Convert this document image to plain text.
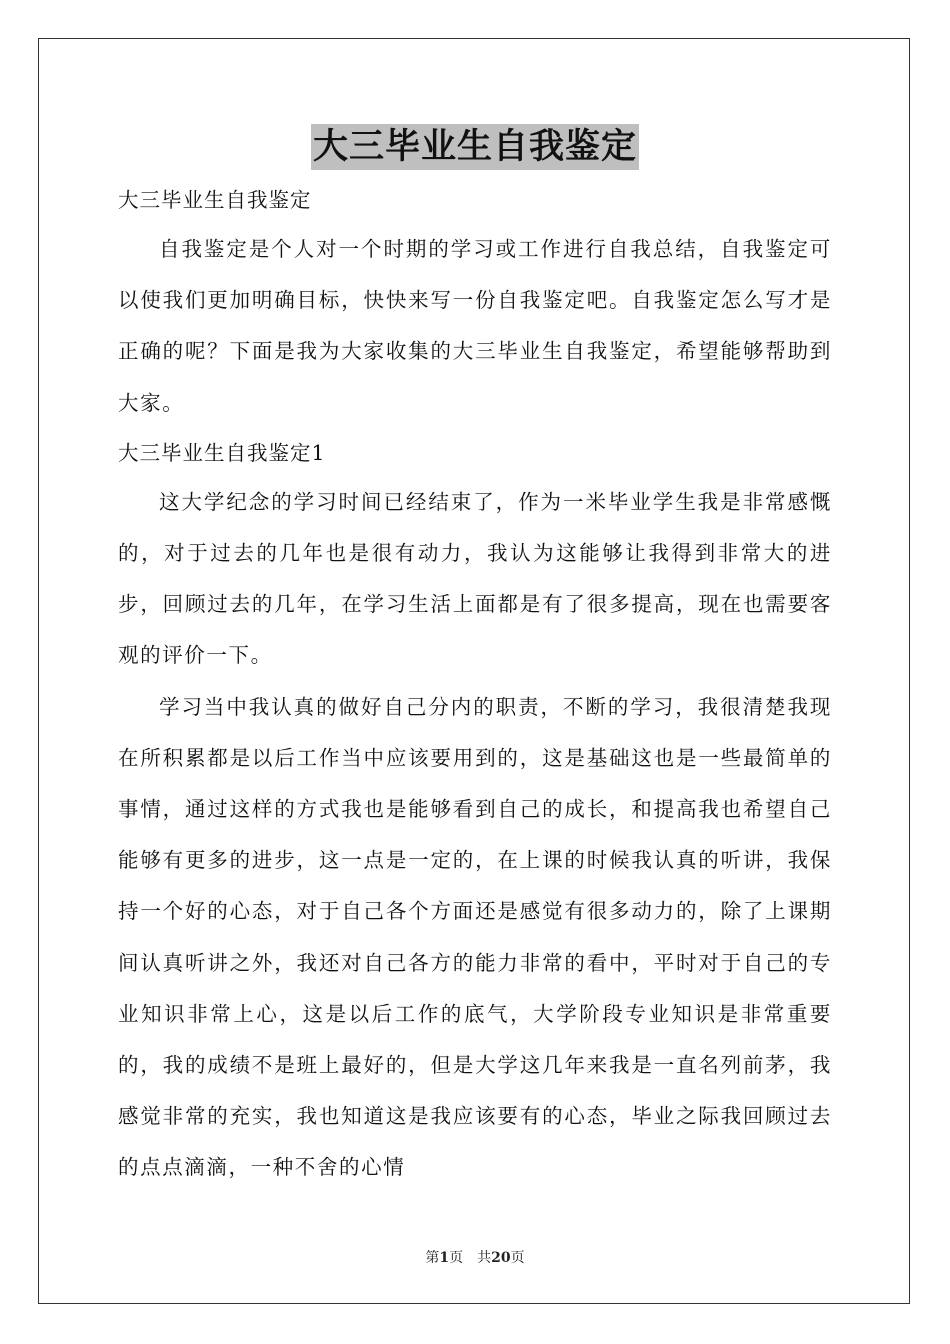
大三毕业生自我鉴定

大三毕业生自我鉴定

自我鉴定是个人对一个时期的学习或工作进行自我总结，自我鉴定可以使我们更加明确目标，快快来写一份自我鉴定吧。自我鉴定怎么写才是正确的呢？下面是我为大家收集的大三毕业生自我鉴定，希望能够帮助到大家。

大三毕业生自我鉴定1

这大学纪念的学习时间已经结束了，作为一米毕业学生我是非常感慨的，对于过去的几年也是很有动力，我认为这能够让我得到非常大的进步，回顾过去的几年，在学习生活上面都是有了很多提高，现在也需要客观的评价一下。

学习当中我认真的做好自己分内的职责，不断的学习，我很清楚我现在所积累都是以后工作当中应该要用到的，这是基础这也是一些最简单的事情，通过这样的方式我也是能够看到自己的成长，和提高我也希望自己能够有更多的进步，这一点是一定的，在上课的时候我认真的听讲，我保持一个好的心态，对于自己各个方面还是感觉有很多动力的，除了上课期间认真听讲之外，我还对自己各方的能力非常的看中，平时对于自己的专业知识非常上心，这是以后工作的底气，大学阶段专业知识是非常重要的，我的成绩不是班上最好的，但是大学这几年来我是一直名列前茅，我感觉非常的充实，我也知道这是我应该要有的心态，毕业之际我回顾过去的点点滴滴，一种不舍的心情

第1页　共20页
